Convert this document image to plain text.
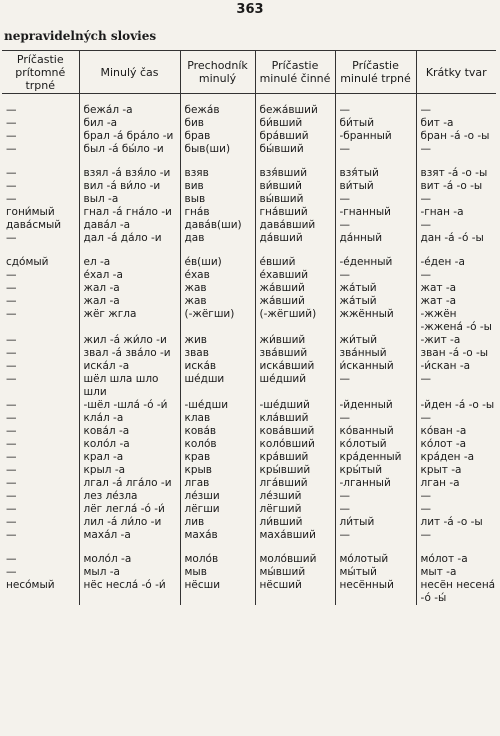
363
nepravidelných slovies
Príčastie prítomné trpné	Minulý čas	Prechodník minulý	Príčastie minulé činné	Príčastie minulé trpné	Krátky tvar
—	бежа́л -а	бежа́в	бежа́вший	—	—
—	бил -а	бив	би́вший	би́тый	бит -а
—	брал -á брáло -и	брав	бра́вший	-бранный	бран -á -о -ы
—	был -á бы́ло -и	быв(ши)	бы́вший	—	—

—	взял -á взя́ло -и	взяв	взя́вший	взя́тый	взят -á -о -ы
—	вил -á ви́ло -и	вив	ви́вший	ви́тый	вит -á -о -ы
—	выл -а	выв	вы́вший	—	—
гони́мый	гнал -á гна́ло -и	гна́в	гна́вший	-гнанный	-гнан -а
дава́смый	дава́л -а	дава́в(ши)	дава́вший	—	—
—	дал -á да́ло -и	дав	да́вший	да́нный	дан -á -ó -ы

сдо́мый	ел -а	е́в(ши)	е́вший	-е́денный	-е́ден -а
—	е́хал -а	е́хав	е́хавший	—	—
—	жал -а	жав	жа́вший	жа́тый	жат -а
—	жал -а	жав	жа́вший	жа́тый	жат -а
—	жёг жгла	(-жёгши)	(-жёгший)	жжённый	-жжён
					-жжена́ -ó -ы
—	жил -á жи́ло -и	жив	жи́вший	жи́тый	-жит -а
—	звал -á зва́ло -и	звав	зва́вший	зва́нный	зван -á -о -ы
—	иска́л -а	иска́в	иска́вший	и́сканный	-и́скан -а
—	шёл шла шло	ше́дши	ше́дший	—	—
	шли				
—	-шёл -шла́ -ó -и́	-ше́дши	-ше́дший	-йденный	-йден -á -о -ы
—	кла́л -а	клав	кла́вший	—	—
—	кова́л -а	кова́в	кова́вший	ко́ванный	ко́ван -а
—	коло́л -а	коло́в	коло́вший	ко́лотый	ко́лот -а
—	крал -а	крав	кра́вший	кра́денный	кра́ден -а
—	крыл -а	крыв	кры́вший	кры́тый	крыт -а
—	лгал -á лга́ло -и	лгав	лга́вший	-лганный	лган -а
—	лез ле́зла	ле́зши	ле́зший	—	—
—	лёг легла́ -ó -и́	лёгши	лёгший	—	—
—	лил -á ли́ло -и	лив	ли́вший	ли́тый	лит -á -о -ы
—	маха́л -а	маха́в	маха́вший	—	—

—	моло́л -а	моло́в	моло́вший	мо́лотый	мо́лот -а
—	мыл -а	мыв	мы́вший	мы́тый	мыт -а
несо́мый	нёс несла́ -ó -и́	нёсши	нёсший	несённый	несён несена́
					-ó -ы́
